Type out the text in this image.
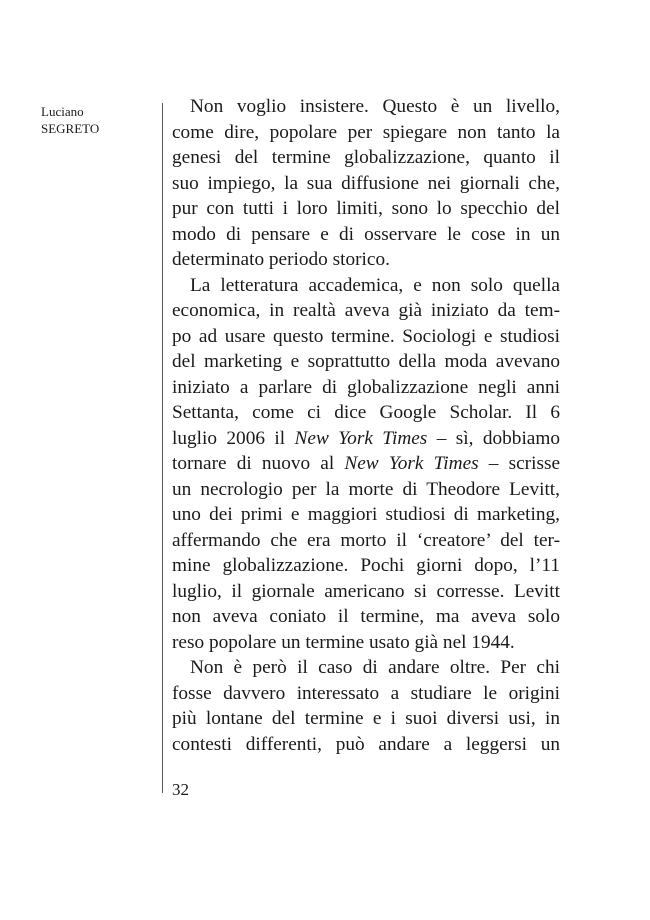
Luciano
SEGRETO
Non voglio insistere. Questo è un livello,
come dire, popolare per spiegare non tanto la
genesi del termine globalizzazione, quanto il
suo impiego, la sua diffusione nei giornali che,
pur con tutti i loro limiti, sono lo specchio del
modo di pensare e di osservare le cose in un
determinato periodo storico.
La letteratura accademica, e non solo quella
economica, in realtà aveva già iniziato da tem-
po ad usare questo termine. Sociologi e studiosi
del marketing e soprattutto della moda avevano
iniziato a parlare di globalizzazione negli anni
Settanta, come ci dice Google Scholar. Il 6
luglio 2006 il New York Times – sì, dobbiamo
tornare di nuovo al New York Times – scrisse
un necrologio per la morte di Theodore Levitt,
uno dei primi e maggiori studiosi di marketing,
affermando che era morto il ‘creatore’ del ter-
mine globalizzazione. Pochi giorni dopo, l’11
luglio, il giornale americano si corresse. Levitt
non aveva coniato il termine, ma aveva solo
reso popolare un termine usato già nel 1944.
Non è però il caso di andare oltre. Per chi
fosse davvero interessato a studiare le origini
più lontane del termine e i suoi diversi usi, in
contesti differenti, può andare a leggersi un
32
